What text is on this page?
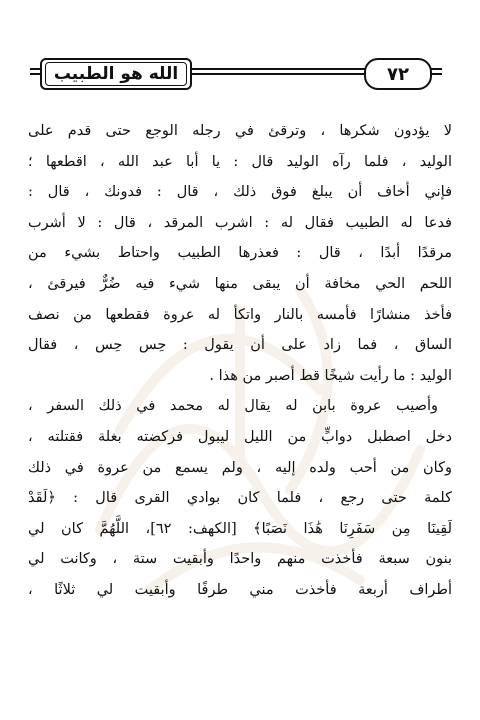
الله هو الطبيب	٧٢
لا يؤدون شكرها ، وترقئ في رجله الوجع حتى قدم على
الوليد ، فلما رآه الوليد قال : يا أبا عبد الله ، اقطعها ؛
فإني أخاف أن يبلغ فوق ذلك ، قال : فدونك ، قال :
فدعا له الطبيب فقال له : اشرب المرقد ، قال : لا أشرب
مرقدًا أبدًا ، قال : فعذرها الطبيب واحتاط بشيء من
اللحم الحي مخافة أن يبقى منها شيء فيه ضُرٌّ فيرقئ ،
فأخذ منشارًا فأمسه بالنار واتكأ له عروة فقطعها من نصف
الساق ، فما زاد على أن يقول : حِس حِس ، فقال
الوليد : ما رأيت شيخًا قط أصبر من هذا .
وأصيب عروة بابن له يقال له محمد في ذلك السفر ،
دخل اصطبل دوابٍّ من الليل ليبول فركضته بغلة فقتلته ،
وكان من أحب ولده إليه ، ولم يسمع من عروة في ذلك
كلمة حتى رجع ، فلما كان بوادي القرى قال : ﴿لَقَدْ
لَقِينَا مِن سَفَرِنَا هَٰذَا نَصَبًا﴾ [الكهف: ٦٢]، اللَّهُمَّ كان لي
بنون سبعة فأخذت منهم واحدًا وأبقيت ستة ، وكانت لي
أطراف أربعة فأخذت مني طرفًا وأبقيت لي ثلاثًا ،
